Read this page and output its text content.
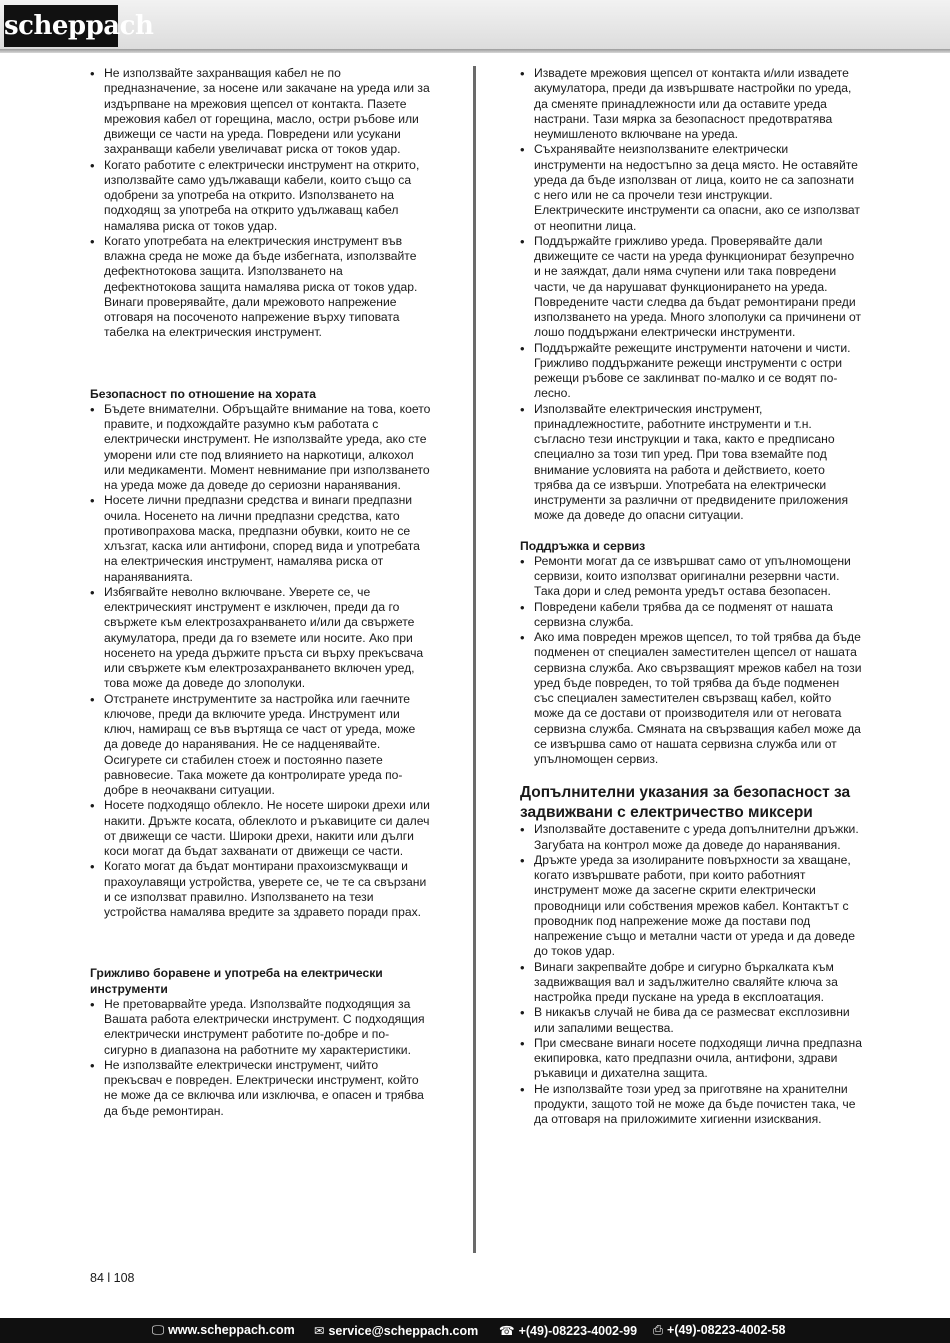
scheppach
• Не използвайте захранващия кабел не по предназначение, за носене или закачане на уреда или за издърпване на мрежовия щепсел от контакта. Пазете мрежовия кабел от горещина, масло, остри ръбове или движещи се части на уреда. Повредени или усукани захранващи кабели увеличават риска от токов удар.
• Когато работите с електрически инструмент на открито, използвайте само удължаващи кабели, които също са одобрени за употреба на открито. Използването на подходящ за употреба на открито удължаващ кабел намалява риска от токов удар.
• Когато употребата на електрическия инструмент във влажна среда не може да бъде избегната, използвайте дефектнотокова защита. Използването на дефектнотокова защита намалява риска от токов удар. Винаги проверявайте, дали мрежовото напрежение отговаря на посоченото напрежение върху типовата табелка на електрическия инструмент.
Безопасност по отношение на хората
• Бъдете внимателни. Обръщайте внимание на това, което правите, и подхождайте разумно към работата с електрически инструмент. Не използвайте уреда, ако сте уморени или сте под влиянието на наркотици, алкохол или медикаменти. Момент невнимание при използването на уреда може да доведе до сериозни наранявания.
• Носете лични предпазни средства и винаги предпазни очила. Носенето на лични предпазни средства, като противопрахова маска, предпазни обувки, които не се хлъзгат, каска или антифони, според вида и употребата на електрическия инструмент, намалява риска от нараняванията.
• Избягвайте неволно включване. Уверете се, че електрическият инструмент е изключен, преди да го свържете към електрозахранването и/или да свържете акумулатора, преди да го вземете или носите. Ако при носенето на уреда държите пръста си върху прекъсвача или свържете към електрозахранването включен уред, това може да доведе до злополуки.
• Отстранете инструментите за настройка или гаечните ключове, преди да включите уреда. Инструмент или ключ, намиращ се във въртяща се част от уреда, може да доведе до наранявания. Не се надценявайте. Осигурете си стабилен стоеж и постоянно пазете равновесие. Така можете да контролирате уреда по-добре в неочаквани ситуации.
• Носете подходящо облекло. Не носете широки дрехи или накити. Дръжте косата, облеклото и ръкавиците си далеч от движещи се части. Широки дрехи, накити или дълги коси могат да бъдат захванати от движещи се части.
• Когато могат да бъдат монтирани прахоизсмукващи и прахоулавящи устройства, уверете се, че те са свързани и се използват правилно. Използването на тези устройства намалява вредите за здравето поради прах.
Грижливо боравене и употреба на електрически инструменти
• Не претоварвайте уреда. Използвайте подходящия за Вашата работа електрически инструмент. С подходящия електрически инструмент работите по-добре и по-сигурно в диапазона на работните му характеристики.
• Не използвайте електрически инструмент, чийто прекъсвач е повреден. Електрически инструмент, който не може да се включва или изключва, е опасен и трябва да бъде ремонтиран.
• Извадете мрежовия щепсел от контакта и/или извадете акумулатора, преди да извършвате настройки по уреда, да сменяте принадлежности или да оставите уреда настрани. Тази мярка за безопасност предотвратява неумишленото включване на уреда.
• Съхранявайте неизползваните електрически инструменти на недостъпно за деца място. Не оставяйте уреда да бъде използван от лица, които не са запознати с него или не са прочели тези инструкции. Електрическите инструменти са опасни, ако се използват от неопитни лица.
• Поддържайте грижливо уреда. Проверявайте дали движещите се части на уреда функционират безупречно и не заяждат, дали няма счупени или така повредени части, че да нарушават функционирането на уреда. Повредените части следва да бъдат ремонтирани преди използването на уреда. Много злополуки са причинени от лошо поддържани електрически инструменти.
• Поддържайте режещите инструменти наточени и чисти. Грижливо поддържаните режещи инструменти с остри режещи ръбове се заклинват по-малко и се водят по-лесно.
• Използвайте електрическия инструмент, принадлежностите, работните инструменти и т.н. съгласно тези инструкции и така, както е предписано специално за този тип уред. При това вземайте под внимание условията на работа и действието, което трябва да се извърши. Употребата на електрически инструменти за различни от предвидените приложения може да доведе до опасни ситуации.
Поддръжка и сервиз
• Ремонти могат да се извършват само от упълномощени сервизи, които използват оригинални резервни части. Така дори и след ремонта уредът остава безопасен.
• Повредени кабели трябва да се подменят от нашата сервизна служба.
• Ако има повреден мрежов щепсел, то той трябва да бъде подменен от специален заместителен щепсел от нашата сервизна служба. Ако свързващият мрежов кабел на този уред бъде повреден, то той трябва да бъде подменен със специален заместителен свързващ кабел, който може да се достави от производителя или от неговата сервизна служба. Смяната на свързващия кабел може да се извършва само от нашата сервизна служба или от упълномощен сервиз.
Допълнителни указания за безопасност за задвижвани с електричество миксери
• Използвайте доставените с уреда допълнителни дръжки. Загубата на контрол може да доведе до наранявания.
• Дръжте уреда за изолираните повърхности за хващане, когато извършвате работи, при които работният инструмент може да засегне скрити електрически проводници или собствения мрежов кабел. Контактът с проводник под напрежение може да постави под напрежение също и метални части от уреда и да доведе до токов удар.
• Винаги закрепвайте добре и сигурно бъркалката към задвижващия вал и задължително сваляйте ключа за настройка преди пускане на уреда в експлоатация.
• В никакъв случай не бива да се размесват експлозивни или запалими вещества.
• При смесване винаги носете подходящи лична предпазна екипировка, като предпазни очила, антифони, здрави ръкавици и дихателна защита.
• Не използвайте този уред за приготвяне на хранителни продукти, защото той не може да бъде почистен така, че да отговаря на приложимите хигиенни изисквания.
84 l 108
🖵 www.scheppach.com ✉ service@scheppach.com ☎ +(49)-08223-4002-99 ⎙ +(49)-08223-4002-58
